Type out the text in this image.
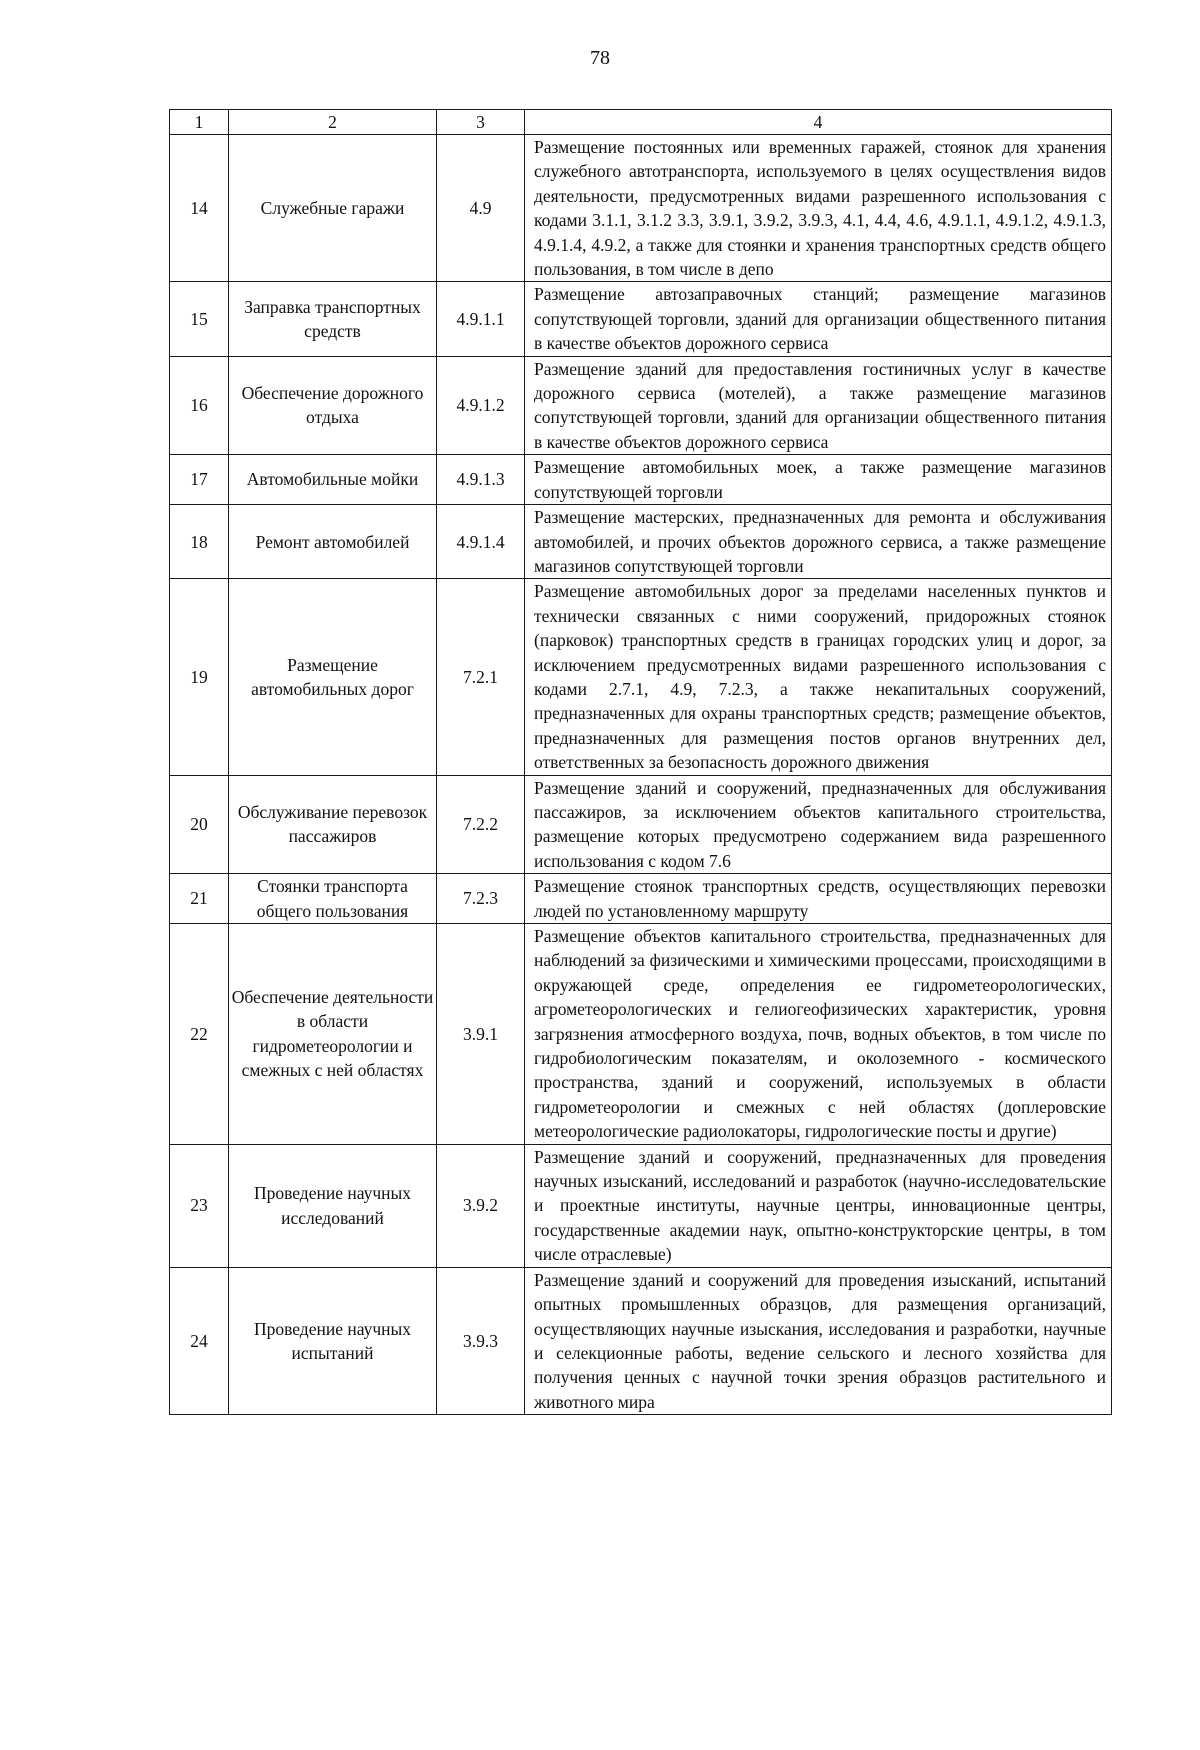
78
1	2	3	4
14	Служебные гаражи	4.9	Размещение постоянных или временных гаражей, стоянок для хранения служебного автотранспорта, используемого в целях осуществления видов деятельности, предусмотренных видами разрешенного использования с кодами 3.1.1, 3.1.2 3.3, 3.9.1, 3.9.2, 3.9.3, 4.1, 4.4, 4.6, 4.9.1.1, 4.9.1.2, 4.9.1.3, 4.9.1.4, 4.9.2, а также для стоянки и хранения транспортных средств общего пользования, в том числе в депо
15	Заправка транспортных средств	4.9.1.1	Размещение автозаправочных станций; размещение магазинов сопутствующей торговли, зданий для организации общественного питания в качестве объектов дорожного сервиса
16	Обеспечение дорожного отдыха	4.9.1.2	Размещение зданий для предоставления гостиничных услуг в качестве дорожного сервиса (мотелей), а также размещение магазинов сопутствующей торговли, зданий для организации общественного питания в качестве объектов дорожного сервиса
17	Автомобильные мойки	4.9.1.3	Размещение автомобильных моек, а также размещение магазинов сопутствующей торговли
18	Ремонт автомобилей	4.9.1.4	Размещение мастерских, предназначенных для ремонта и обслуживания автомобилей, и прочих объектов дорожного сервиса, а также размещение магазинов сопутствующей торговли
19	Размещение автомобильных дорог	7.2.1	Размещение автомобильных дорог за пределами населенных пунктов и технически связанных с ними сооружений, придорожных стоянок (парковок) транспортных средств в границах городских улиц и дорог, за исключением предусмотренных видами разрешенного использования с кодами 2.7.1, 4.9, 7.2.3, а также некапитальных сооружений, предназначенных для охраны транспортных средств; размещение объектов, предназначенных для размещения постов органов внутренних дел, ответственных за безопасность дорожного движения
20	Обслуживание перевозок пассажиров	7.2.2	Размещение зданий и сооружений, предназначенных для обслуживания пассажиров, за исключением объектов капитального строительства, размещение которых предусмотрено содержанием вида разрешенного использования с кодом 7.6
21	Стоянки транспорта общего пользования	7.2.3	Размещение стоянок транспортных средств, осуществляющих перевозки людей по установленному маршруту
22	Обеспечение деятельности в области гидрометеорологии и смежных с ней областях	3.9.1	Размещение объектов капитального строительства, предназначенных для наблюдений за физическими и химическими процессами, происходящими в окружающей среде, определения ее гидрометеорологических, агрометеорологических и гелиогеофизических характеристик, уровня загрязнения атмосферного воздуха, почв, водных объектов, в том числе по гидробиологическим показателям, и околоземного - космического пространства, зданий и сооружений, используемых в области гидрометеорологии и смежных с ней областях (доплеровские метеорологические радиолокаторы, гидрологические посты и другие)
23	Проведение научных исследований	3.9.2	Размещение зданий и сооружений, предназначенных для проведения научных изысканий, исследований и разработок (научно-исследовательские и проектные институты, научные центры, инновационные центры, государственные академии наук, опытно-конструкторские центры, в том числе отраслевые)
24	Проведение научных испытаний	3.9.3	Размещение зданий и сооружений для проведения изысканий, испытаний опытных промышленных образцов, для размещения организаций, осуществляющих научные изыскания, исследования и разработки, научные и селекционные работы, ведение сельского и лесного хозяйства для получения ценных с научной точки зрения образцов растительного и животного мира
